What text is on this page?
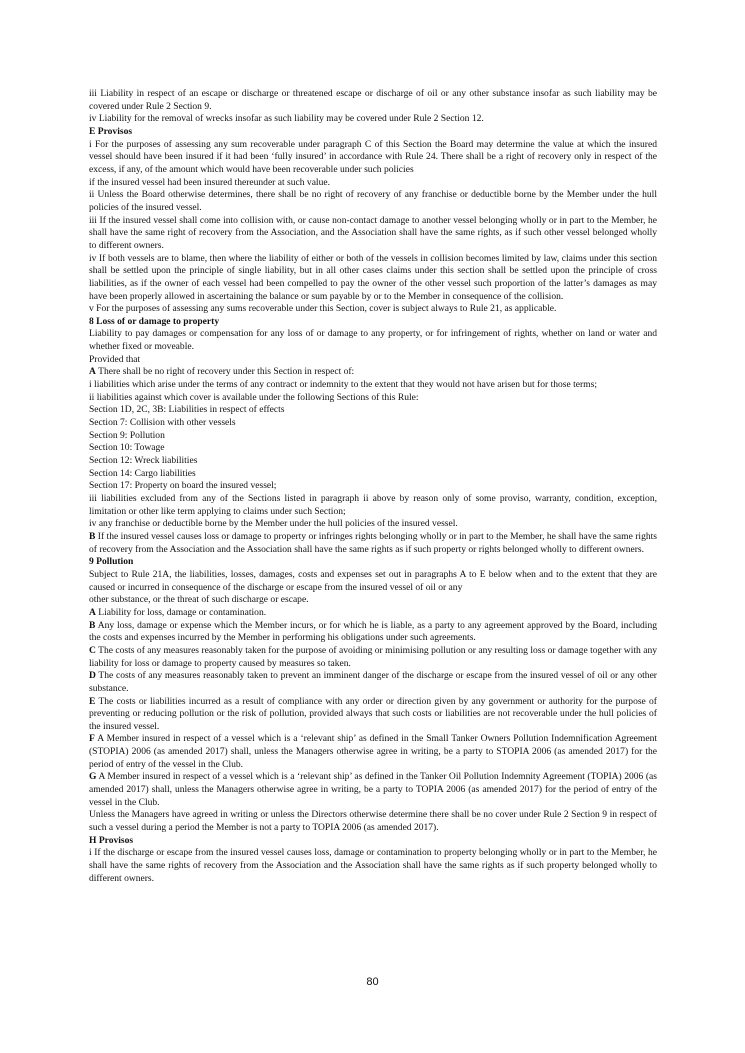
iii Liability in respect of an escape or discharge or threatened escape or discharge of oil or any other substance insofar as such liability may be covered under Rule 2 Section 9.

iv Liability for the removal of wrecks insofar as such liability may be covered under Rule 2 Section 12.

E Provisos

i For the purposes of assessing any sum recoverable under paragraph C of this Section the Board may determine the value at which the insured vessel should have been insured if it had been ‘fully insured’ in accordance with Rule 24. There shall be a right of recovery only in respect of the excess, if any, of the amount which would have been recoverable under such policies

if the insured vessel had been insured thereunder at such value.

ii Unless the Board otherwise determines, there shall be no right of recovery of any franchise or deductible borne by the Member under the hull policies of the insured vessel.

iii If the insured vessel shall come into collision with, or cause non-contact damage to another vessel belonging wholly or in part to the Member, he shall have the same right of recovery from the Association, and the Association shall have the same rights, as if such other vessel belonged wholly to different owners.

iv If both vessels are to blame, then where the liability of either or both of the vessels in collision becomes limited by law, claims under this section shall be settled upon the principle of single liability, but in all other cases claims under this section shall be settled upon the principle of cross liabilities, as if the owner of each vessel had been compelled to pay the owner of the other vessel such proportion of the latter’s damages as may have been properly allowed in ascertaining the balance or sum payable by or to the Member in consequence of the collision.

v For the purposes of assessing any sums recoverable under this Section, cover is subject always to Rule 21, as applicable.

8 Loss of or damage to property

Liability to pay damages or compensation for any loss of or damage to any property, or for infringement of rights, whether on land or water and whether fixed or moveable.

Provided that

A There shall be no right of recovery under this Section in respect of:

i liabilities which arise under the terms of any contract or indemnity to the extent that they would not have arisen but for those terms;

ii liabilities against which cover is available under the following Sections of this Rule:

Section 1D, 2C, 3B: Liabilities in respect of effects

Section 7: Collision with other vessels

Section 9: Pollution

Section 10: Towage

Section 12: Wreck liabilities

Section 14: Cargo liabilities

Section 17: Property on board the insured vessel;

iii liabilities excluded from any of the Sections listed in paragraph ii above by reason only of some proviso, warranty, condition, exception, limitation or other like term applying to claims under such Section;

iv any franchise or deductible borne by the Member under the hull policies of the insured vessel.

B If the insured vessel causes loss or damage to property or infringes rights belonging wholly or in part to the Member, he shall have the same rights of recovery from the Association and the Association shall have the same rights as if such property or rights belonged wholly to different owners.

9 Pollution

Subject to Rule 21A, the liabilities, losses, damages, costs and expenses set out in paragraphs A to E below when and to the extent that they are caused or incurred in consequence of the discharge or escape from the insured vessel of oil or any

other substance, or the threat of such discharge or escape.

A Liability for loss, damage or contamination.

B Any loss, damage or expense which the Member incurs, or for which he is liable, as a party to any agreement approved by the Board, including the costs and expenses incurred by the Member in performing his obligations under such agreements.

C The costs of any measures reasonably taken for the purpose of avoiding or minimising pollution or any resulting loss or damage together with any liability for loss or damage to property caused by measures so taken.

D The costs of any measures reasonably taken to prevent an imminent danger of the discharge or escape from the insured vessel of oil or any other substance.

E The costs or liabilities incurred as a result of compliance with any order or direction given by any government or authority for the purpose of preventing or reducing pollution or the risk of pollution, provided always that such costs or liabilities are not recoverable under the hull policies of the insured vessel.

F A Member insured in respect of a vessel which is a ‘relevant ship’ as defined in the Small Tanker Owners Pollution Indemnification Agreement (STOPIA) 2006 (as amended 2017) shall, unless the Managers otherwise agree in writing, be a party to STOPIA 2006 (as amended 2017) for the period of entry of the vessel in the Club.

G A Member insured in respect of a vessel which is a ‘relevant ship’ as defined in the Tanker Oil Pollution Indemnity Agreement (TOPIA) 2006 (as amended 2017) shall, unless the Managers otherwise agree in writing, be a party to TOPIA 2006 (as amended 2017) for the period of entry of the vessel in the Club.

Unless the Managers have agreed in writing or unless the Directors otherwise determine there shall be no cover under Rule 2 Section 9 in respect of such a vessel during a period the Member is not a party to TOPIA 2006 (as amended 2017).

H Provisos

i If the discharge or escape from the insured vessel causes loss, damage or contamination to property belonging wholly or in part to the Member, he shall have the same rights of recovery from the Association and the Association shall have the same rights as if such property belonged wholly to different owners.

80
